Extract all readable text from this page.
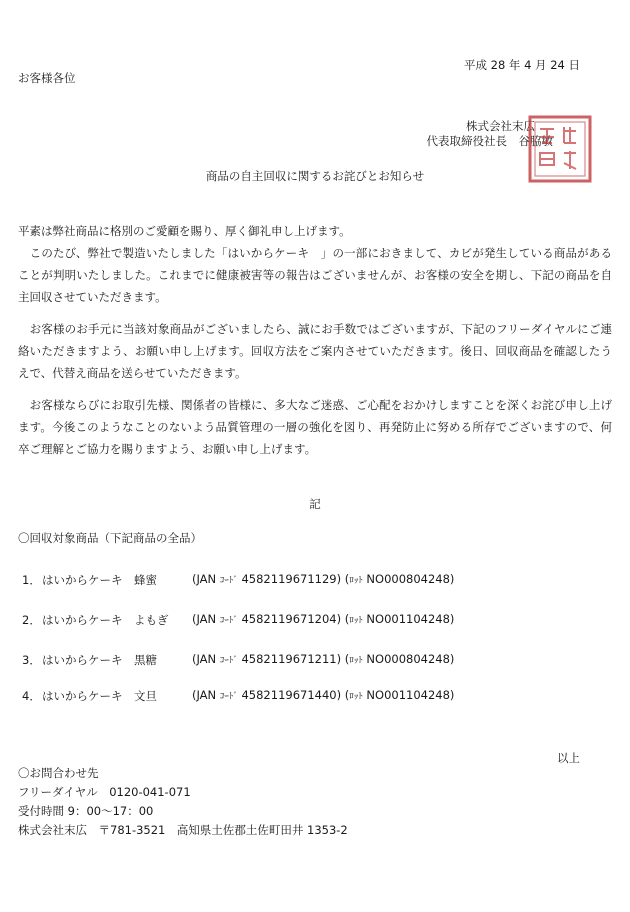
平成 28 年 4 月 24 日
お客様各位
株式会社末広
代表取締役社長　谷脇敏
商品の自主回収に関するお詫びとお知らせ
平素は弊社商品に格別のご愛顧を賜り、厚く御礼申し上げます。
　このたび、弊社で製造いたしました「はいからケーキ　」の一部におきまして、カビが発生している商品があることが判明いたしました。これまでに健康被害等の報告はございませんが、お客様の安全を期し、下記の商品を自主回収させていただきます。
　お客様のお手元に当該対象商品がございましたら、誠にお手数ではございますが、下記のフリーダイヤルにご連絡いただきますよう、お願い申し上げます。回収方法をご案内させていただきます。後日、回収商品を確認したうえで、代替え商品を送らせていただきます。
　お客様ならびにお取引先様、関係者の皆様に、多大なご迷惑、ご心配をおかけしますことを深くお詫び申し上げます。今後このようなことのないよう品質管理の一層の強化を図り、再発防止に努める所存でございますので、何卒ご理解とご協力を賜りますよう、お願い申し上げます。
記
〇回収対象商品（下記商品の全品）
1．はいからケーキ　蜂蜜	(JAN ｺｰﾄﾞ 4582119671129) (ﾛｯﾄ NO000804248)
2．はいからケーキ　よもぎ (JAN ｺｰﾄﾞ 4582119671204) (ﾛｯﾄ NO001104248)
3．はいからケーキ　黒糖	(JAN ｺｰﾄﾞ 4582119671211) (ﾛｯﾄ NO000804248)
4．はいからケーキ　文旦	(JAN ｺｰﾄﾞ 4582119671440) (ﾛｯﾄ NO001104248)
以上
〇お問合わせ先
フリーダイヤル　0120-041-071
受付時間 9：00～17：00
株式会社末広　〒781-3521　高知県土佐郡土佐町田井 1353-2
